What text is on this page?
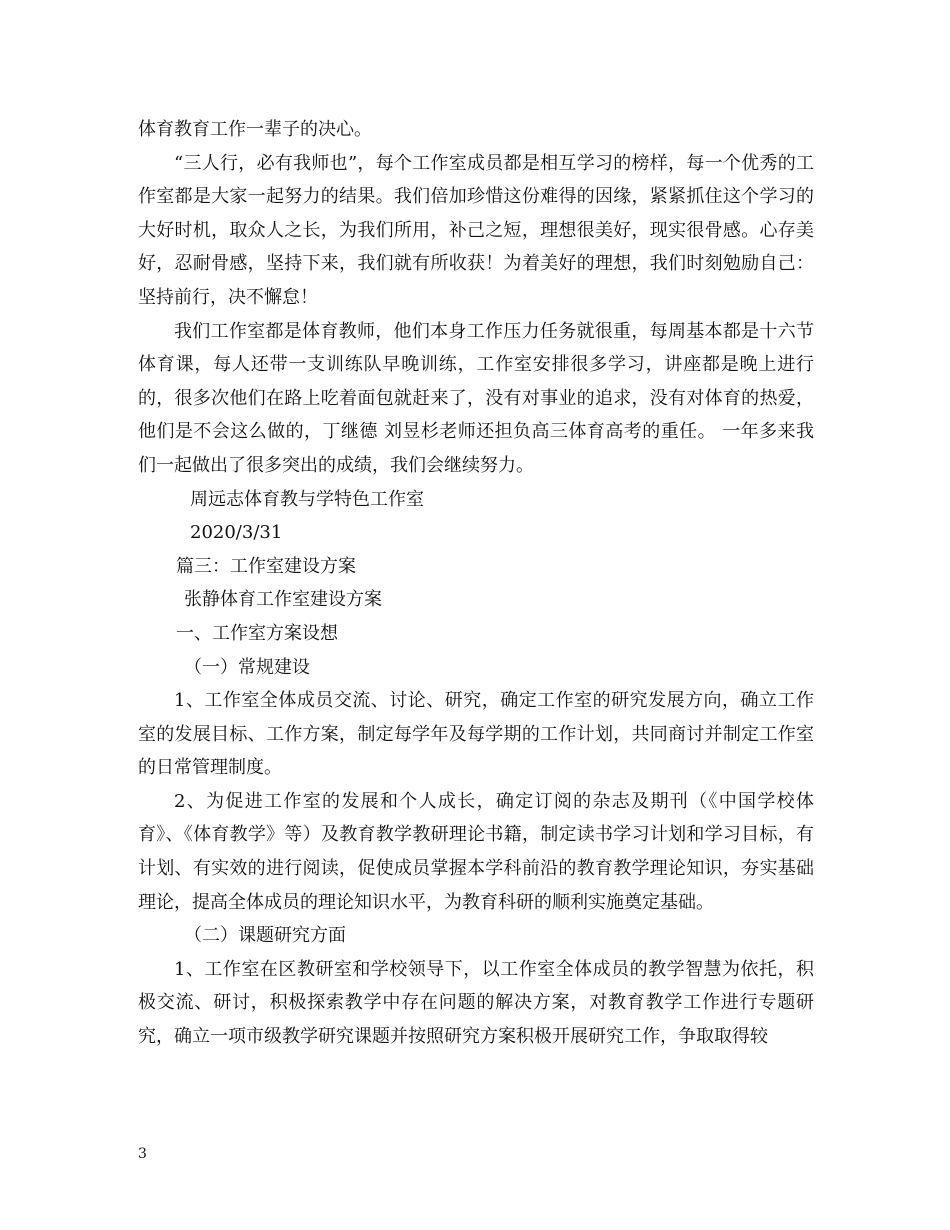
体育教育工作一辈子的决心。

“三人行，必有我师也”，每个工作室成员都是相互学习的榜样，每一个优秀的工作室都是大家一起努力的结果。我们倍加珍惜这份难得的因缘，紧紧抓住这个学习的大好时机，取众人之长，为我们所用，补己之短，理想很美好，现实很骨感。心存美好，忍耐骨感，坚持下来，我们就有所收获！为着美好的理想，我们时刻勉励自己：坚持前行，决不懈怠！

我们工作室都是体育教师，他们本身工作压力任务就很重，每周基本都是十六节体育课，每人还带一支训练队早晚训练，工作室安排很多学习，讲座都是晚上进行的，很多次他们在路上吃着面包就赶来了，没有对事业的追求，没有对体育的热爱，他们是不会这么做的，丁继德 刘昱杉老师还担负高三体育高考的重任。 一年多来我们一起做出了很多突出的成绩，我们会继续努力。

周远志体育教与学特色工作室

2020/3/31

篇三：工作室建设方案

张静体育工作室建设方案

一、工作室方案设想

（一）常规建设

1、工作室全体成员交流、讨论、研究，确定工作室的研究发展方向，确立工作室的发展目标、工作方案，制定每学年及每学期的工作计划，共同商讨并制定工作室的日常管理制度。

2、为促进工作室的发展和个人成长，确定订阅的杂志及期刊（《中国学校体育》、《体育教学》等）及教育教学教研理论书籍，制定读书学习计划和学习目标，有计划、有实效的进行阅读，促使成员掌握本学科前沿的教育教学理论知识，夯实基础理论，提高全体成员的理论知识水平，为教育科研的顺利实施奠定基础。

（二）课题研究方面

1、工作室在区教研室和学校领导下，以工作室全体成员的教学智慧为依托，积极交流、研讨，积极探索教学中存在问题的解决方案，对教育教学工作进行专题研究，确立一项市级教学研究课题并按照研究方案积极开展研究工作，争取取得较

3
